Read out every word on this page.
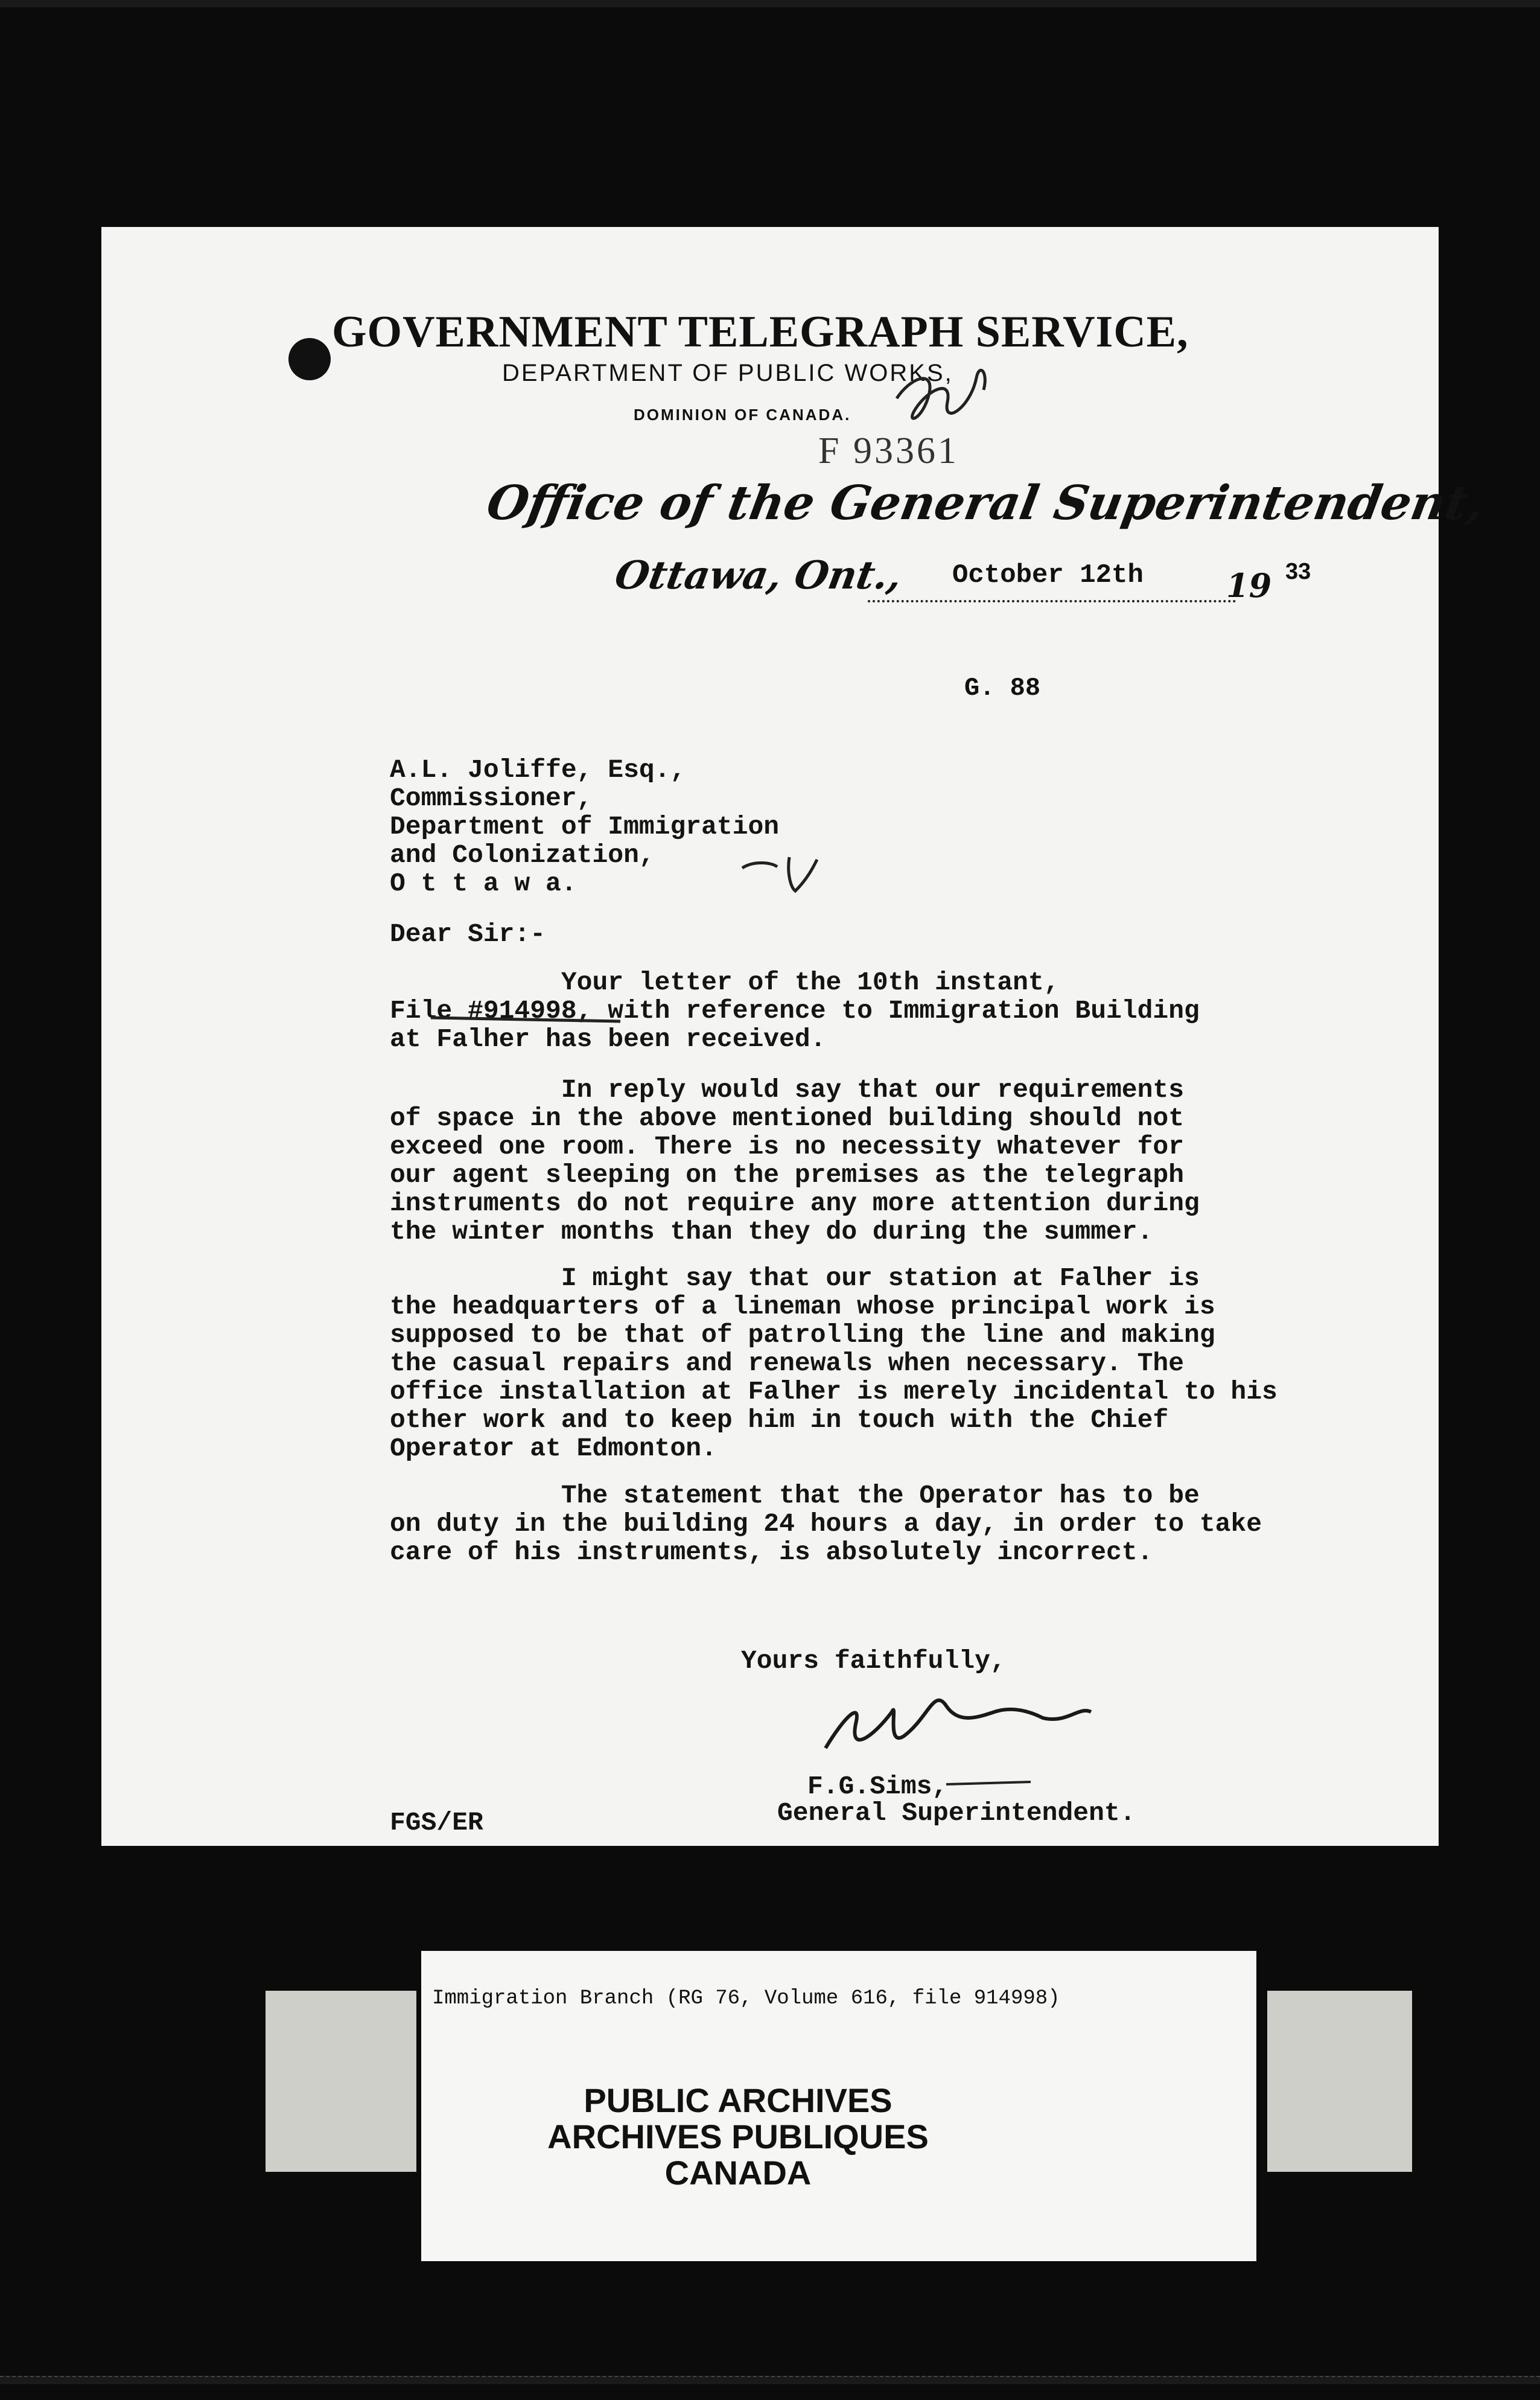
GOVERNMENT TELEGRAPH SERVICE,
DEPARTMENT OF PUBLIC WORKS,
DOMINION OF CANADA.
F 93361
Office of the General Superintendent,
Ottawa, Ont., October 12th	19 33
G. 88
A.L. Joliffe, Esq.,
Commissioner,
Department of Immigration
and Colonization,
O t t a w a.
Dear Sir:-
Your letter of the 10th instant,
File #914998, with reference to Immigration Building
at Falher has been received.
In reply would say that our requirements
of space in the above mentioned building should not
exceed one room. There is no necessity whatever for
our agent sleeping on the premises as the telegraph
instruments do not require any more attention during
the winter months than they do during the summer.
I might say that our station at Falher is
the headquarters of a lineman whose principal work is
supposed to be that of patrolling the line and making
the casual repairs and renewals when necessary. The
office installation at Falher is merely incidental to his
other work and to keep him in touch with the Chief
Operator at Edmonton.
The statement that the Operator has to be
on duty in the building 24 hours a day, in order to take
care of his instruments, is absolutely incorrect.
Yours faithfully,
F.G.Sims,
General Superintendent.
FGS/ER
Immigration Branch (RG 76, Volume 616, file 914998)
PUBLIC ARCHIVES
ARCHIVES PUBLIQUES
CANADA
